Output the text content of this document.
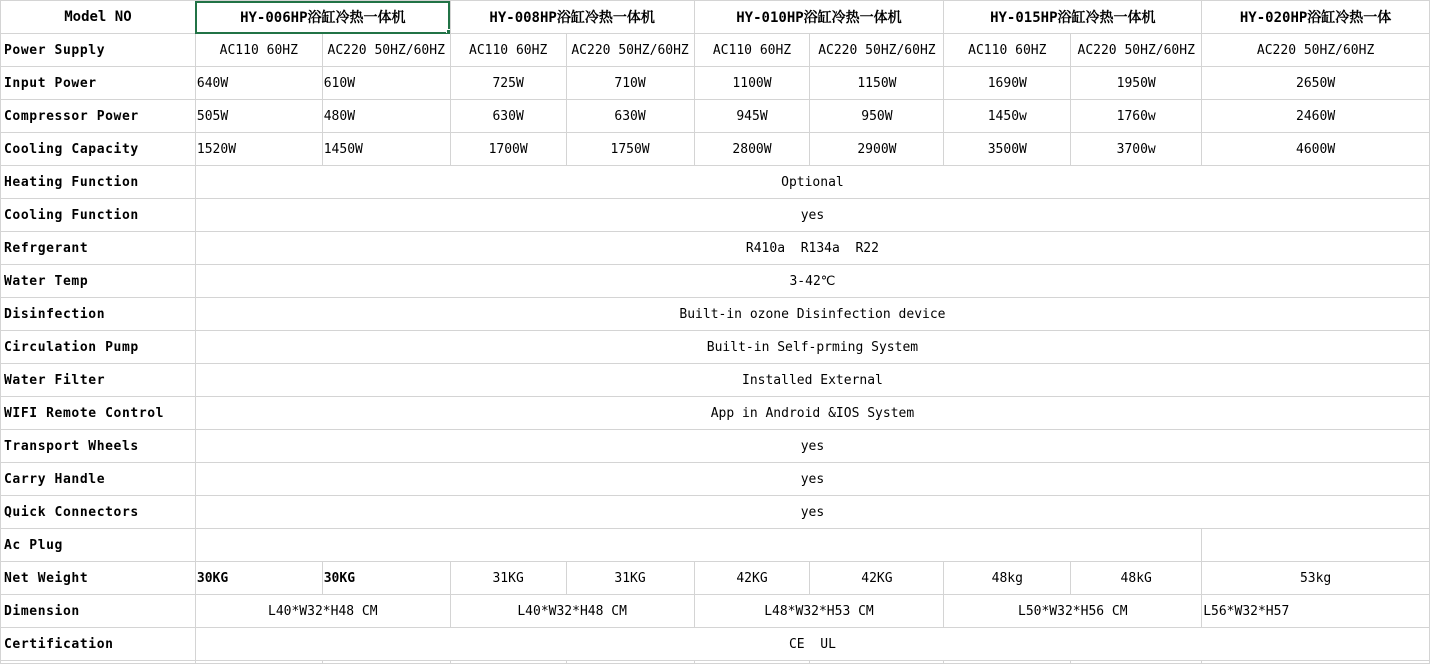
Model NO	HY-006HP浴缸冷热一体机		HY-008HP浴缸冷热一体机		HY-010HP浴缸冷热一体机		HY-015HP浴缸冷热一体机		HY-020HP浴缸冷热一体
Power Supply	AC110 60HZ	AC220 50HZ/60HZ	AC110 60HZ	AC220 50HZ/60HZ	AC110 60HZ	AC220 50HZ/60HZ	AC110 60HZ	AC220 50HZ/60HZ	AC220 50HZ/60HZ
Input Power	640W	610W	725W	710W	1100W	1150W	1690W	1950W	2650W
Compressor Power	505W	480W	630W	630W	945W	950W	1450w	1760w	2460W
Cooling Capacity	1520W	1450W	1700W	1750W	2800W	2900W	3500W	3700w	4600W
Heating Function	Optional								
Cooling Function	yes								
Refrgerant	R410a  R134a  R22								
Water Temp	3-42℃								
Disinfection	Built-in ozone Disinfection device								
Circulation Pump	Built-in Self-prming System								
Water Filter	Installed External								
WIFI Remote Control	App in Android &IOS System								
Transport Wheels	yes								
Carry Handle	yes								
Quick Connectors	yes								
Ac Plug									
Net Weight	30KG	30KG	31KG	31KG	42KG	42KG	48kg	48kG	53kg
Dimension	L40*W32*H48 CM		L40*W32*H48 CM		L48*W32*H53 CM		L50*W32*H56 CM		L56*W32*H57
Certification	CE  UL								
